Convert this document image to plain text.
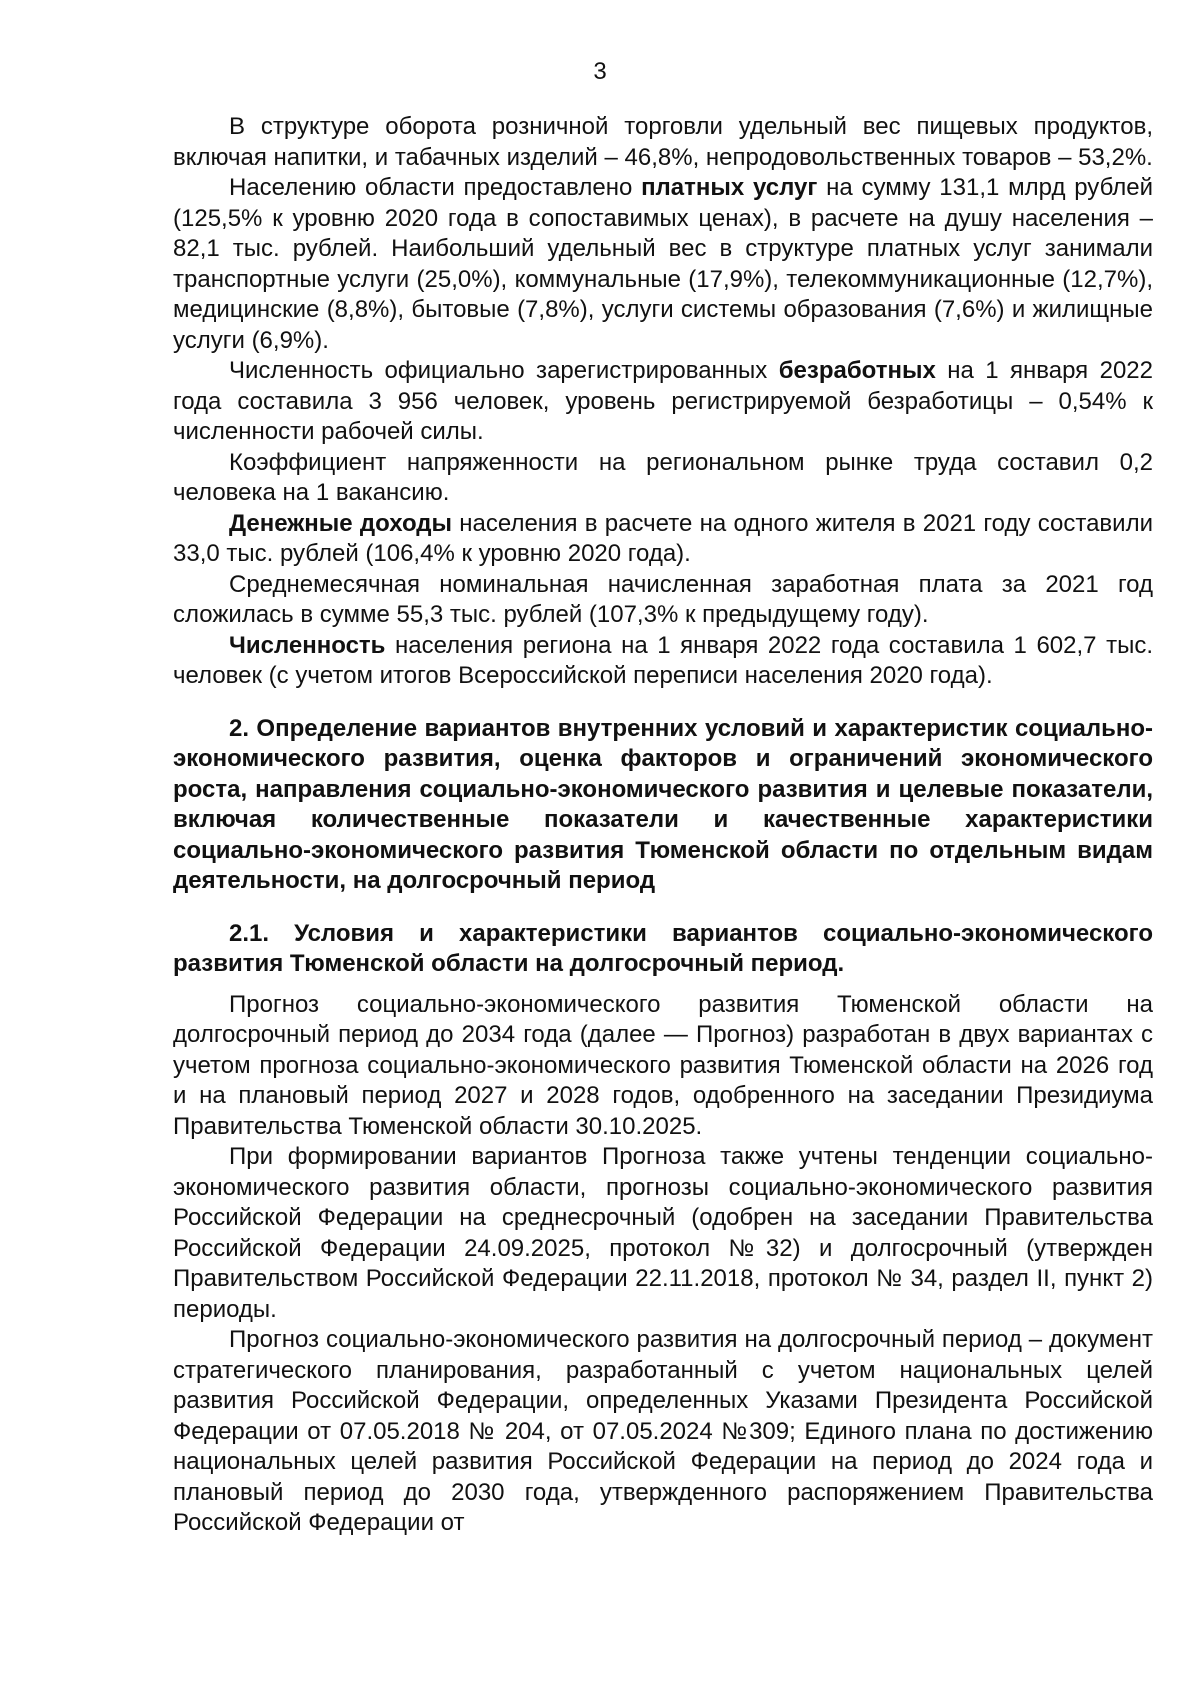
3

В структуре оборота розничной торговли удельный вес пищевых продуктов, включая напитки, и табачных изделий – 46,8%, непродовольственных товаров – 53,2%.

Населению области предоставлено платных услуг на сумму 131,1 млрд рублей (125,5% к уровню 2020 года в сопоставимых ценах), в расчете на душу населения – 82,1 тыс. рублей. Наибольший удельный вес в структуре платных услуг занимали транспортные услуги (25,0%), коммунальные (17,9%), телекоммуникационные (12,7%), медицинские (8,8%), бытовые (7,8%), услуги системы образования (7,6%) и жилищные услуги (6,9%).

Численность официально зарегистрированных безработных на 1 января 2022 года составила 3 956 человек, уровень регистрируемой безработицы – 0,54% к численности рабочей силы.

Коэффициент напряженности на региональном рынке труда составил 0,2 человека на 1 вакансию.

Денежные доходы населения в расчете на одного жителя в 2021 году составили 33,0 тыс. рублей (106,4% к уровню 2020 года).

Среднемесячная номинальная начисленная заработная плата за 2021 год сложилась в сумме 55,3 тыс. рублей (107,3% к предыдущему году).

Численность населения региона на 1 января 2022 года составила 1 602,7 тыс. человек (с учетом итогов Всероссийской переписи населения 2020 года).

2. Определение вариантов внутренних условий и характеристик социально-экономического развития, оценка факторов и ограничений экономического роста, направления социально-экономического развития и целевые показатели, включая количественные показатели и качественные характеристики социально-экономического развития Тюменской области по отдельным видам деятельности, на долгосрочный период

2.1. Условия и характеристики вариантов социально-экономического развития Тюменской области на долгосрочный период.

Прогноз социально-экономического развития Тюменской области на долгосрочный период до 2034 года (далее — Прогноз) разработан в двух вариантах с учетом прогноза социально-экономического развития Тюменской области на 2026 год и на плановый период 2027 и 2028 годов, одобренного на заседании Президиума Правительства Тюменской области 30.10.2025.

При формировании вариантов Прогноза также учтены тенденции социально-экономического развития области, прогнозы социально-экономического развития Российской Федерации на среднесрочный (одобрен на заседании Правительства Российской Федерации 24.09.2025, протокол №32) и долгосрочный (утвержден Правительством Российской Федерации 22.11.2018, протокол № 34, раздел II, пункт 2) периоды.

Прогноз социально-экономического развития на долгосрочный период – документ стратегического планирования, разработанный с учетом национальных целей развития Российской Федерации, определенных Указами Президента Российской Федерации от 07.05.2018 № 204, от 07.05.2024 №309; Единого плана по достижению национальных целей развития Российской Федерации на период до 2024 года и плановый период до 2030 года, утвержденного распоряжением Правительства Российской Федерации от
